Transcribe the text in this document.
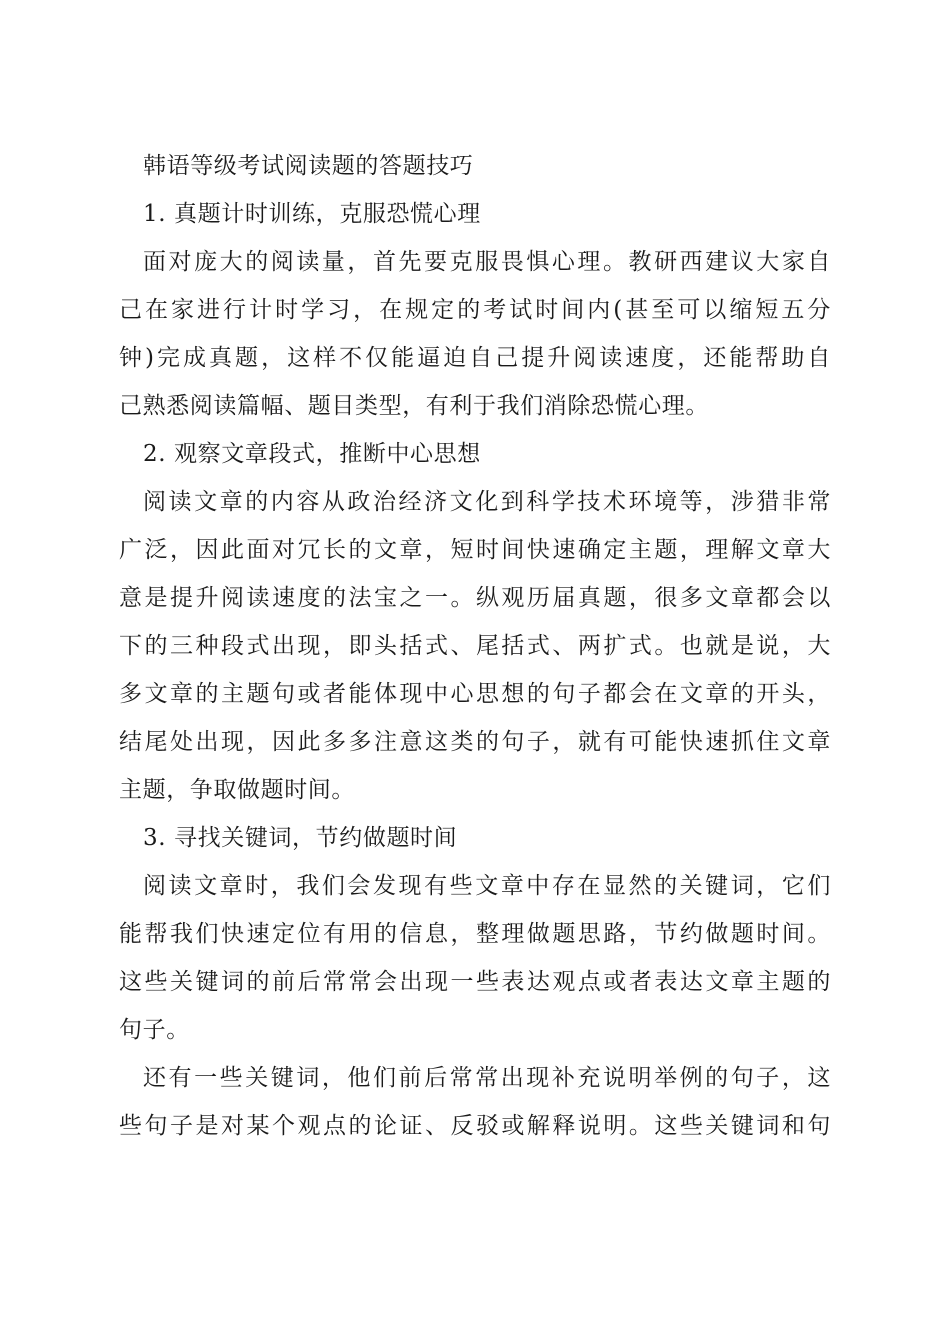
韩语等级考试阅读题的答题技巧
1. 真题计时训练，克服恐慌心理
面对庞大的阅读量，首先要克服畏惧心理。教研西建议大家自
己在家进行计时学习，在规定的考试时间内(甚至可以缩短五分
钟)完成真题，这样不仅能逼迫自己提升阅读速度，还能帮助自
己熟悉阅读篇幅、题目类型，有利于我们消除恐慌心理。
2. 观察文章段式，推断中心思想
阅读文章的内容从政治经济文化到科学技术环境等，涉猎非常
广泛，因此面对冗长的文章，短时间快速确定主题，理解文章大
意是提升阅读速度的法宝之一。纵观历届真题，很多文章都会以
下的三种段式出现，即头括式、尾括式、两扩式。也就是说，大
多文章的主题句或者能体现中心思想的句子都会在文章的开头，
结尾处出现，因此多多注意这类的句子，就有可能快速抓住文章
主题，争取做题时间。
3. 寻找关键词，节约做题时间
阅读文章时，我们会发现有些文章中存在显然的关键词，它们
能帮我们快速定位有用的信息，整理做题思路，节约做题时间。
这些关键词的前后常常会出现一些表达观点或者表达文章主题的
句子。
还有一些关键词，他们前后常常出现补充说明举例的句子，这
些句子是对某个观点的论证、反驳或解释说明。这些关键词和句
